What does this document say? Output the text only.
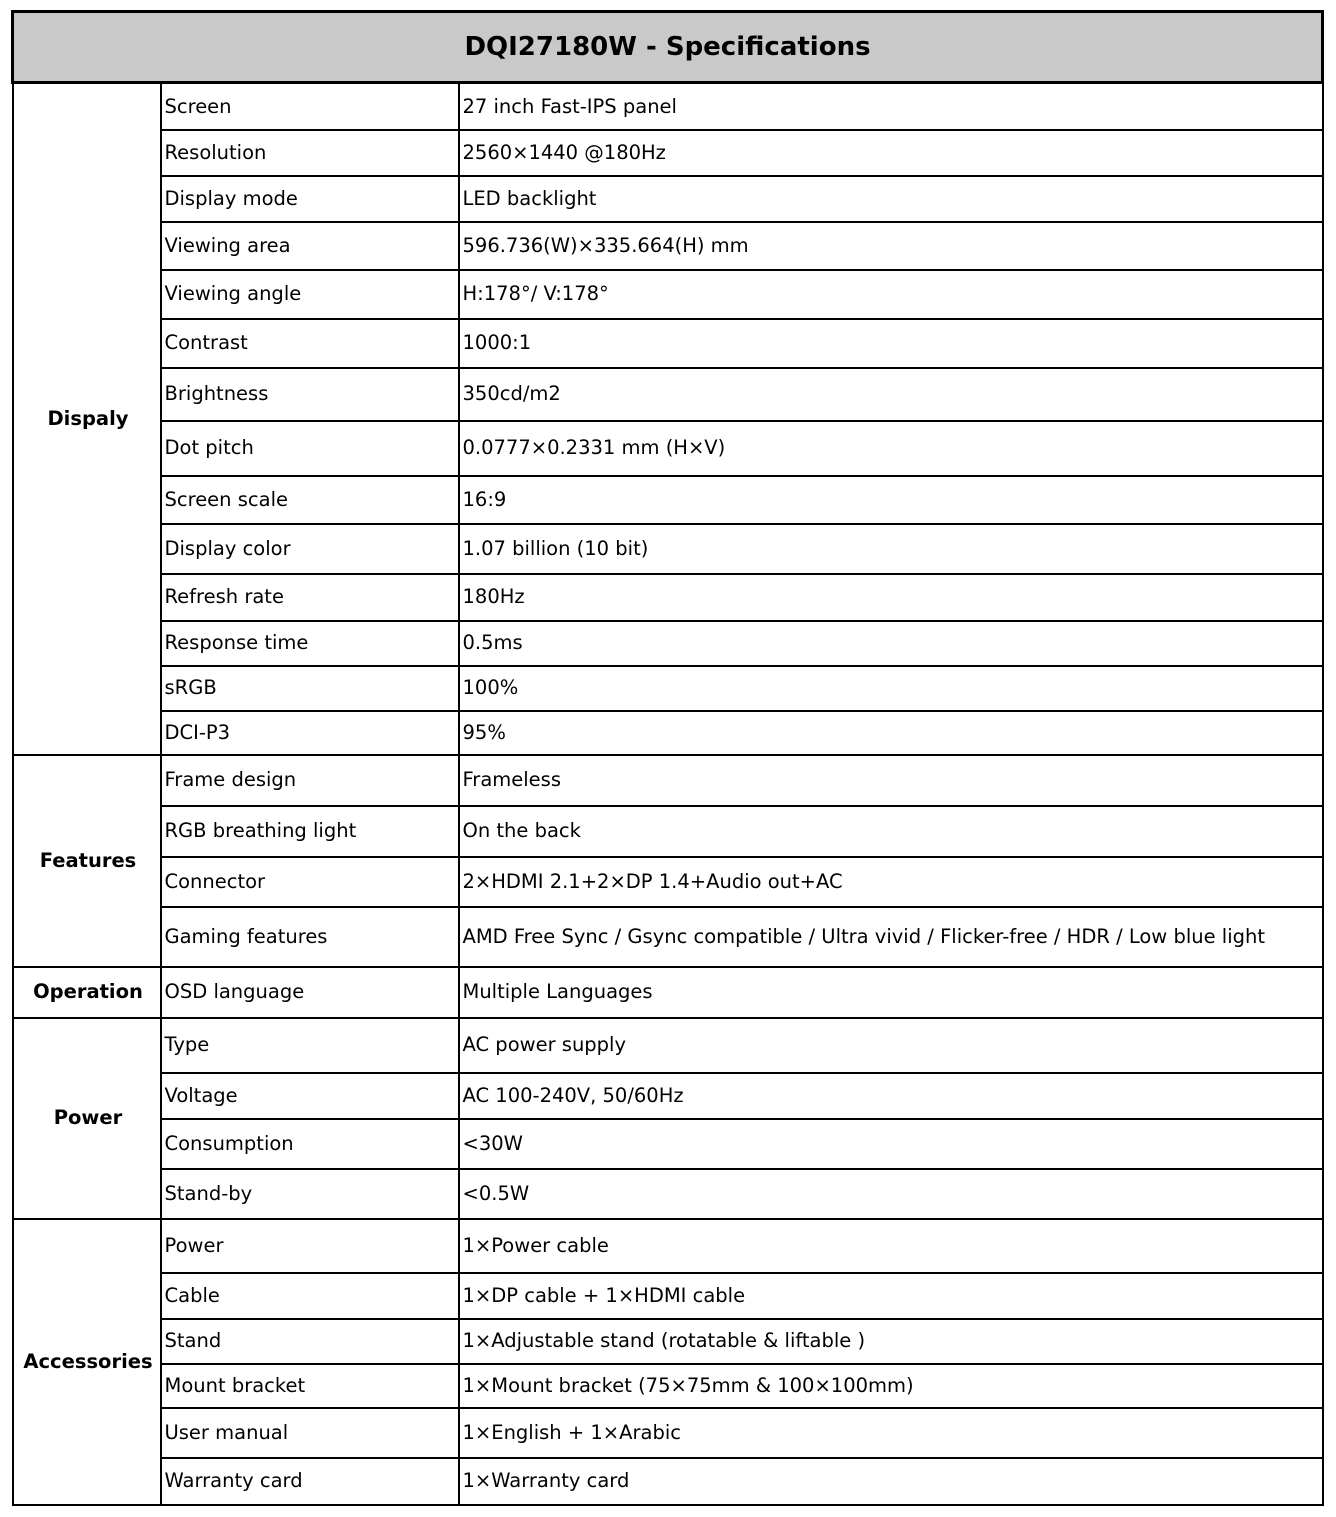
DQI27180W - Specifications		
Dispaly	Screen	27 inch Fast-IPS panel
	Resolution	2560×1440 @180Hz
	Display mode	LED backlight
	Viewing area	596.736(W)×335.664(H) mm
	Viewing angle	H:178°/ V:178°
	Contrast	1000:1
	Brightness	350cd/m2
	Dot pitch	0.0777×0.2331 mm (H×V)
	Screen scale	16:9
	Display color	1.07 billion (10 bit)
	Refresh rate	180Hz
	Response time	0.5ms
	sRGB	100%
	DCI-P3	95%
Features	Frame design	Frameless
	RGB breathing light	On the back
	Connector	2×HDMI 2.1+2×DP 1.4+Audio out+AC
	Gaming features	AMD Free Sync / Gsync compatible / Ultra vivid / Flicker-free / HDR / Low blue light
Operation	OSD language	Multiple Languages
Power	Type	AC power supply
	Voltage	AC 100-240V, 50/60Hz
	Consumption	<30W
	Stand-by	<0.5W
Accessories	Power	1×Power cable
	Cable	1×DP cable + 1×HDMI cable
	Stand	1×Adjustable stand (rotatable & liftable )
	Mount bracket	1×Mount bracket (75×75mm & 100×100mm)
	User manual	1×English + 1×Arabic
	Warranty card	1×Warranty card
